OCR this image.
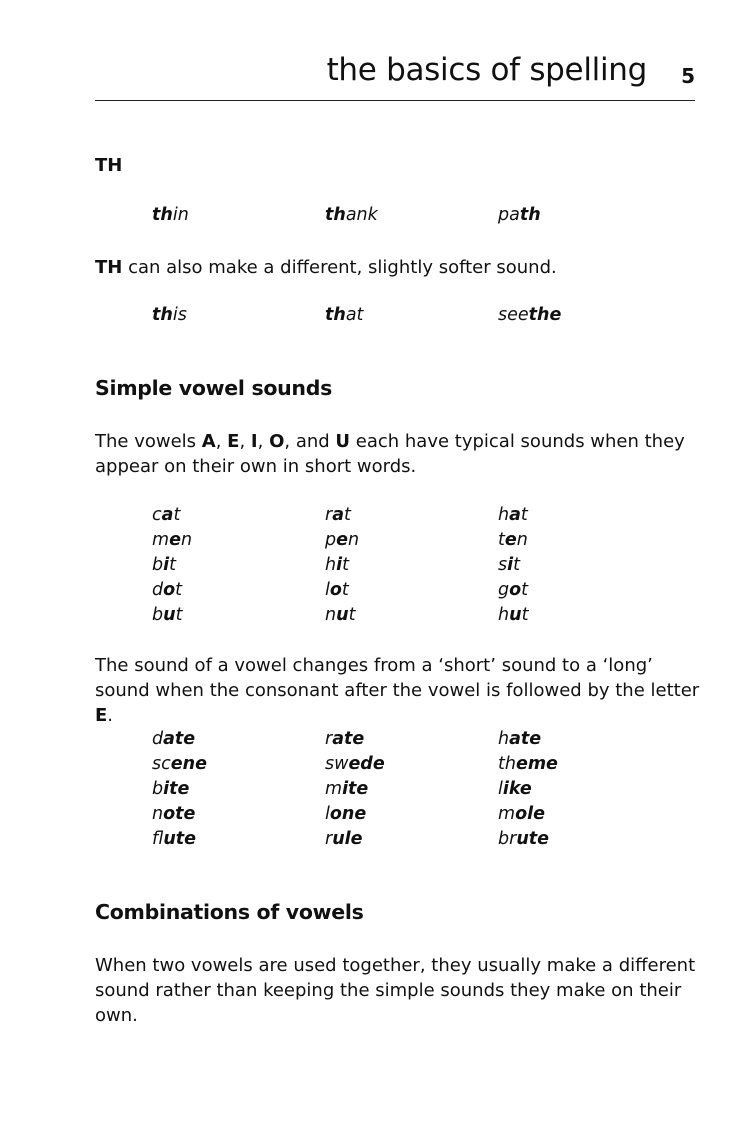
the basics of spelling 5
TH
thin	thank	path
TH can also make a different, slightly softer sound.
this	that	seethe
Simple vowel sounds
The vowels A, E, I, O, and U each have typical sounds when they appear on their own in short words.
cat	rat	hat
men	pen	ten
bit	hit	sit
dot	lot	got
but	nut	hut
The sound of a vowel changes from a ‘short’ sound to a ‘long’ sound when the consonant after the vowel is followed by the letter E.
date	rate	hate
scene	swede	theme
bite	mite	like
note	lone	mole
flute	rule	brute
Combinations of vowels
When two vowels are used together, they usually make a different sound rather than keeping the simple sounds they make on their own.
